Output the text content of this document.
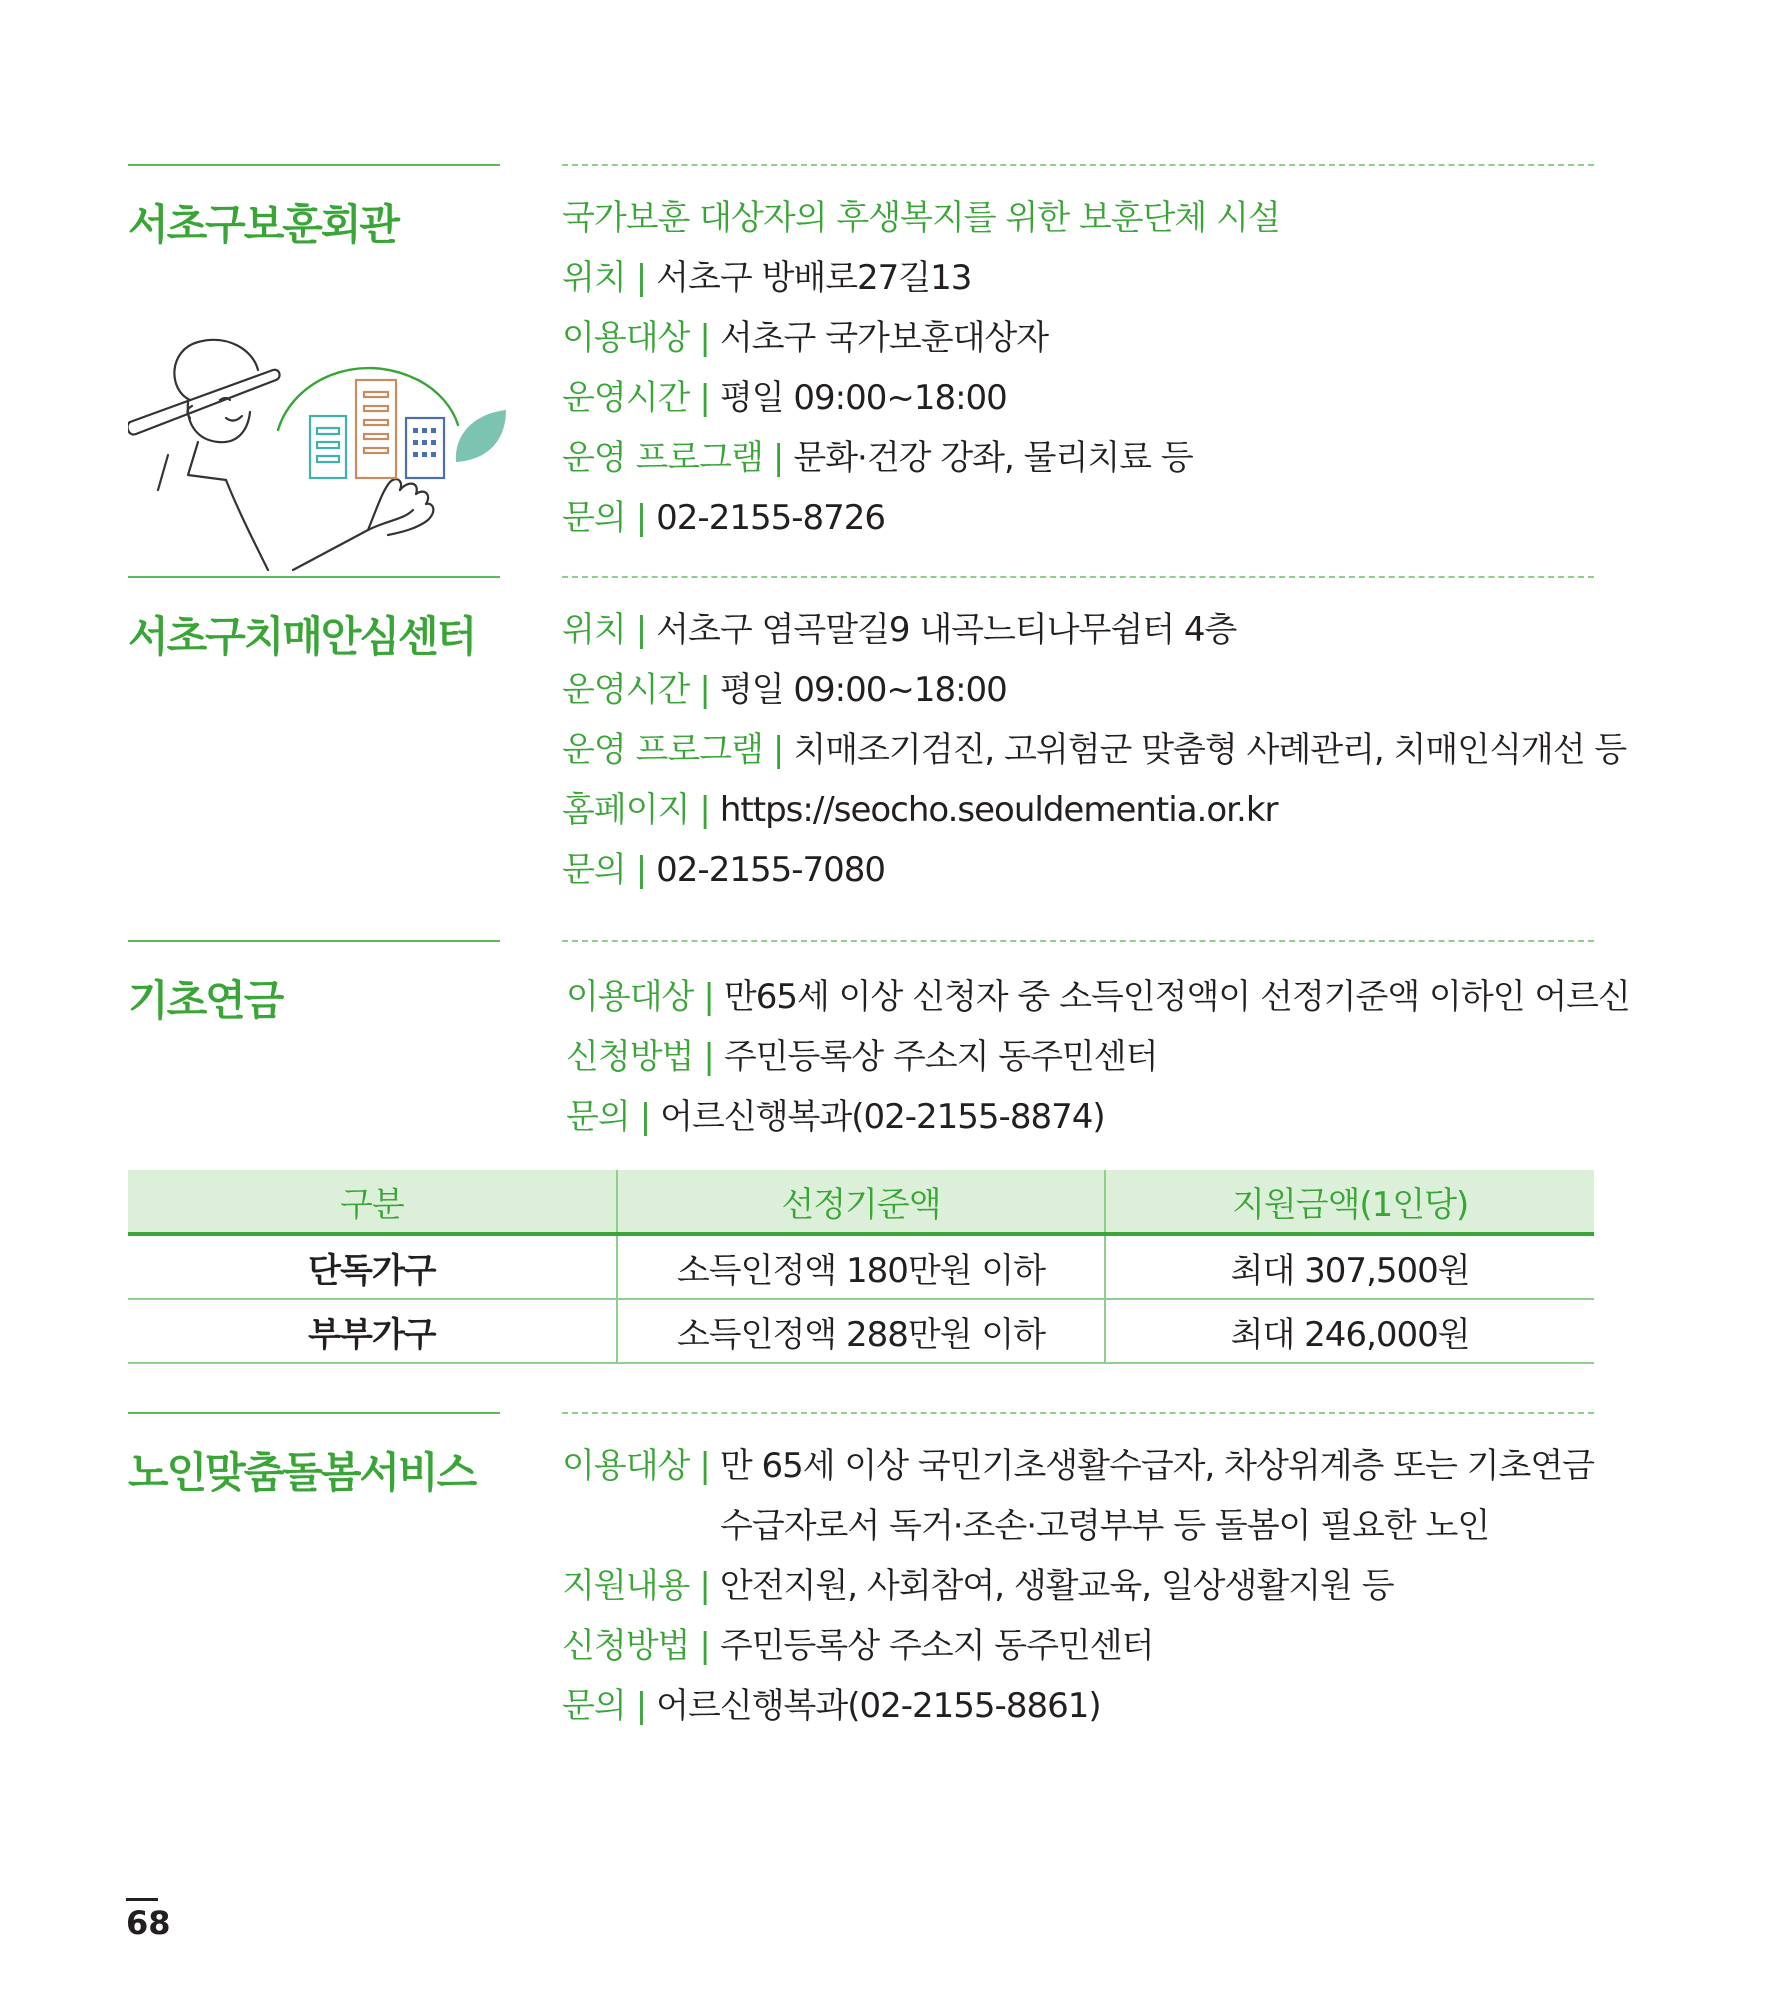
서초구보훈회관	국가보훈 대상자의 후생복지를 위한 보훈단체 시설
위치 | 서초구 방배로27길13
이용대상 | 서초구 국가보훈대상자
운영시간 | 평일 09:00~18:00
운영 프로그램 | 문화·건강 강좌, 물리치료 등
문의 | 02-2155-8726
서초구치매안심센터	위치 | 서초구 염곡말길9 내곡느티나무쉼터 4층
운영시간 | 평일 09:00~18:00
운영 프로그램 | 치매조기검진, 고위험군 맞춤형 사례관리, 치매인식개선 등
홈페이지 | https://seocho.seouldementia.or.kr
문의 | 02-2155-7080
기초연금	이용대상 | 만65세 이상 신청자 중 소득인정액이 선정기준액 이하인 어르신
신청방법 | 주민등록상 주소지 동주민센터
문의 | 어르신행복과(02-2155-8874)
구분	선정기준액	지원금액(1인당)
단독가구	소득인정액 180만원 이하	최대 307,500원
부부가구	소득인정액 288만원 이하	최대 246,000원
노인맞춤돌봄서비스	이용대상 | 만 65세 이상 국민기초생활수급자, 차상위계층 또는 기초연금
수급자로서 독거·조손·고령부부 등 돌봄이 필요한 노인
지원내용 | 안전지원, 사회참여, 생활교육, 일상생활지원 등
신청방법 | 주민등록상 주소지 동주민센터
문의 | 어르신행복과(02-2155-8861)
68
